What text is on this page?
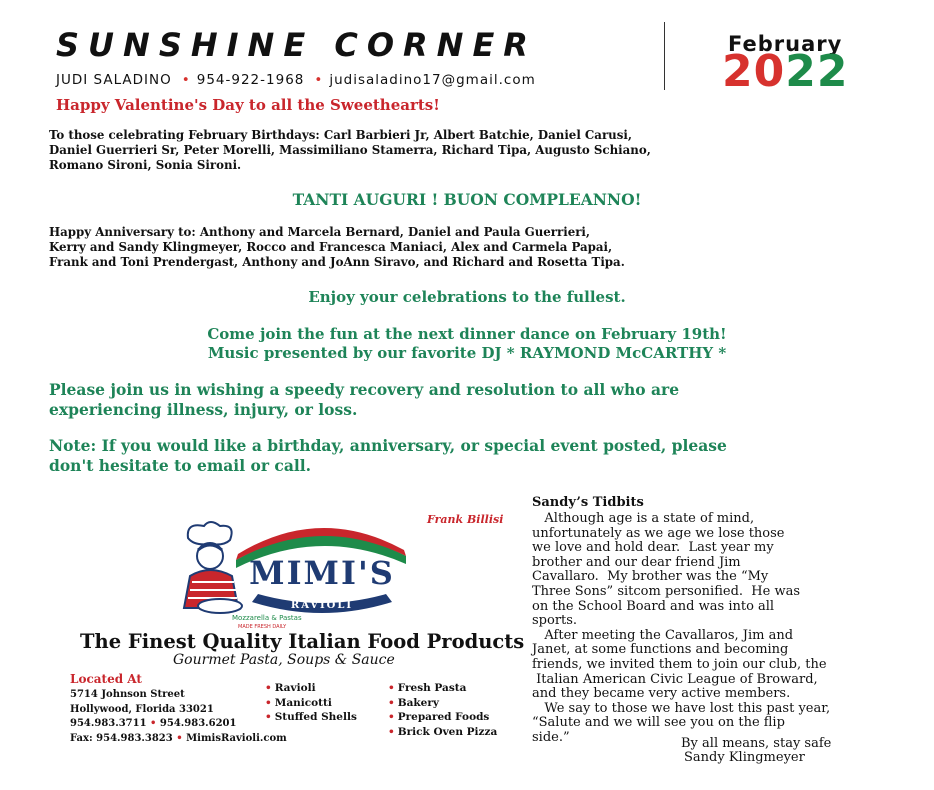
SUNSHINE CORNER
JUDI SALADINO • 954-922-1968 • judisaladino17@gmail.com
February
2022
Happy Valentine's Day to all the Sweethearts!
To those celebrating February Birthdays: Carl Barbieri Jr, Albert Batchie, Daniel Carusi,
Daniel Guerrieri Sr, Peter Morelli, Massimiliano Stamerra, Richard Tipa, Augusto Schiano,
Romano Sironi, Sonia Sironi.
TANTI AUGURI ! BUON COMPLEANNO!
Happy Anniversary to: Anthony and Marcela Bernard, Daniel and Paula Guerrieri,
Kerry and Sandy Klingmeyer, Rocco and Francesca Maniaci, Alex and Carmela Papai,
Frank and Toni Prendergast, Anthony and JoAnn Siravo, and Richard and Rosetta Tipa.
Enjoy your celebrations to the fullest.
Come join the fun at the next dinner dance on February 19th!
Music presented by our favorite DJ * RAYMOND McCARTHY *
Please join us in wishing a speedy recovery and resolution to all who are
experiencing illness, injury, or loss.
Note: If you would like a birthday, anniversary, or special event posted, please
don't hesitate to email or call.
Frank Billisi
MIMI'S
RAVIOLI
Mozzarella & Pastas
MADE FRESH DAILY
The Finest Quality Italian Food Products
Gourmet Pasta, Soups & Sauce
Located At
5714 Johnson Street
Hollywood, Florida 33021
954.983.3711 • 954.983.6201
Fax: 954.983.3823 • MimisRavioli.com
• Ravioli
• Manicotti
• Stuffed Shells
• Fresh Pasta
• Bakery
• Prepared Foods
• Brick Oven Pizza
Sandy’s Tidbits

Although age is a state of mind,

unfortunately as we age we lose those

we love and hold dear.  Last year my

brother and our dear friend Jim

Cavallaro.  My brother was the “My

Three Sons” sitcom personified.  He was

on the School Board and was into all

sports.

After meeting the Cavallaros, Jim and

Janet, at some functions and becoming

friends, we invited them to join our club, the

Italian American Civic League of Broward,

and they became very active members.

We say to those we have lost this past year,

“Salute and we will see you on the flip

side.”	By all means, stay safe
Sandy Klingmeyer
